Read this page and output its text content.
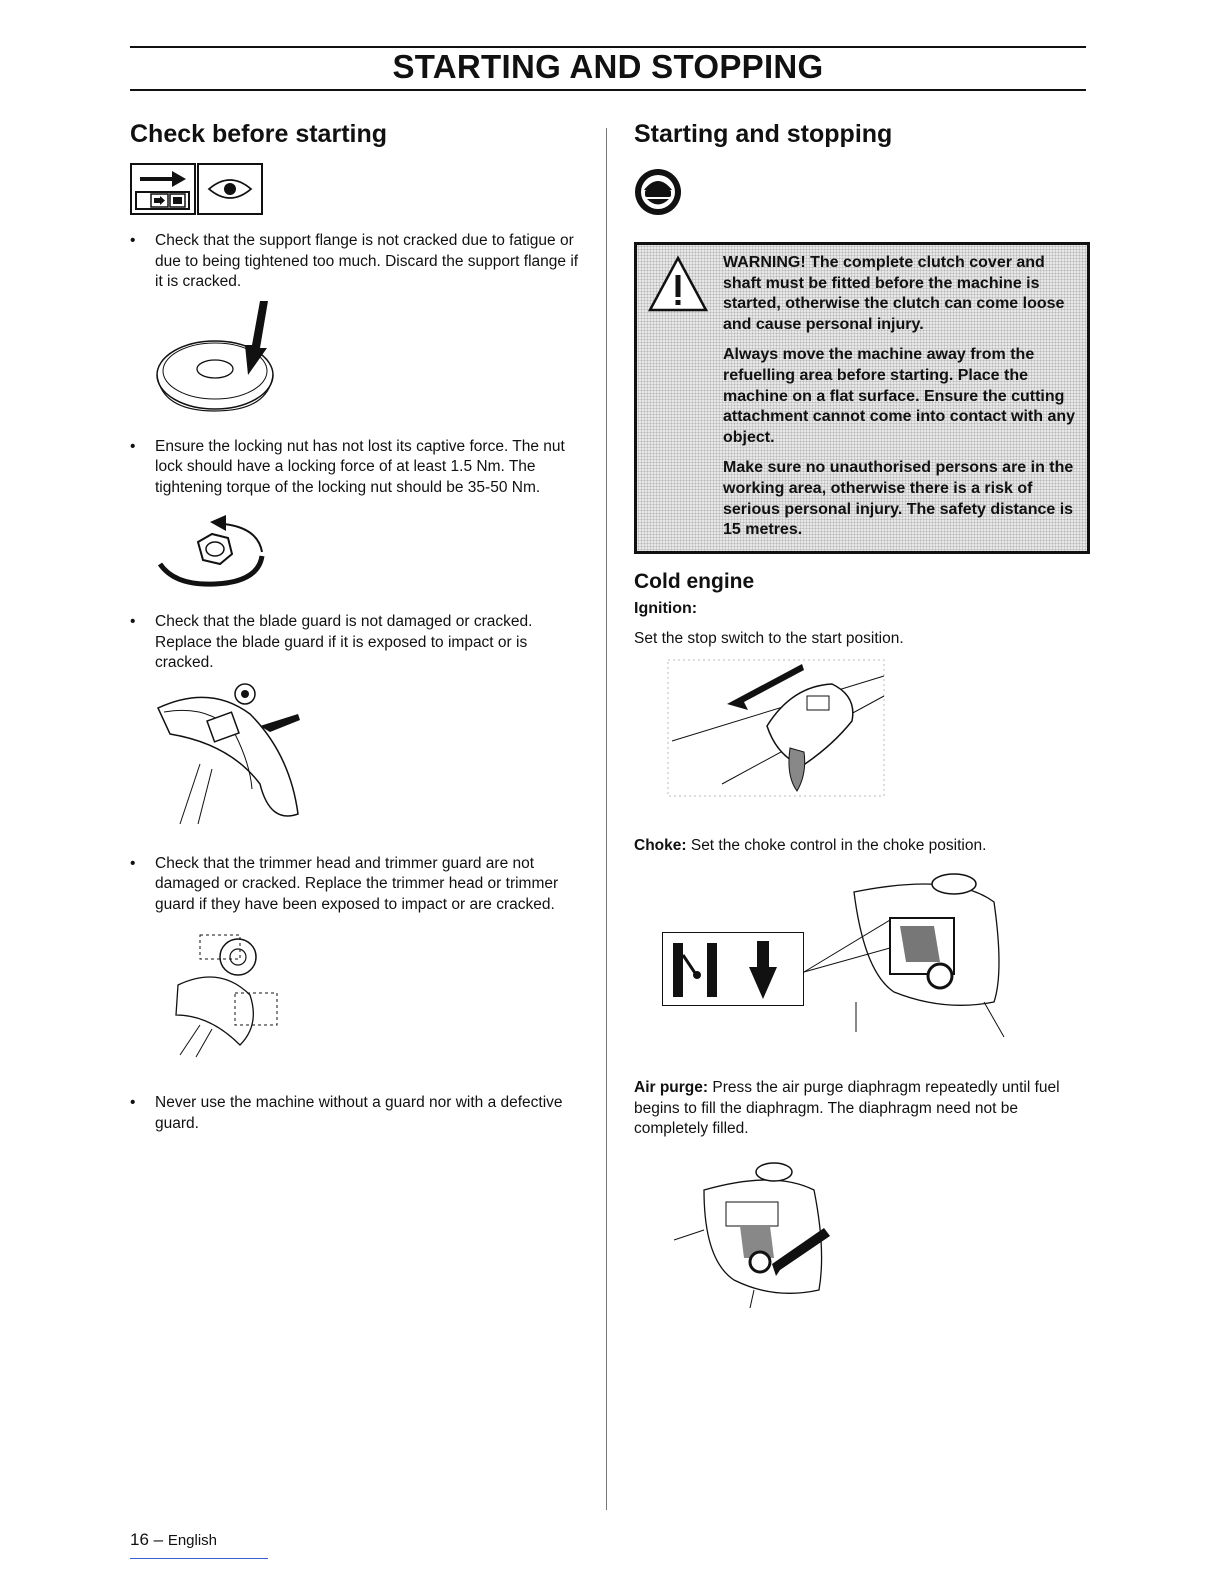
STARTING AND STOPPING
Check before starting
• Check that the support flange is not cracked due to fatigue or due to being tightened too much. Discard the support flange if it is cracked.
• Ensure the locking nut has not lost its captive force. The nut lock should have a locking force of at least 1.5 Nm. The tightening torque of the locking nut should be 35-50 Nm.
• Check that the blade guard is not damaged or cracked. Replace the blade guard if it is exposed to impact or is cracked.
• Check that the trimmer head and trimmer guard are not damaged or cracked. Replace the trimmer head or trimmer guard if they have been exposed to impact or are cracked.
• Never use the machine without a guard nor with a defective guard.
Starting and stopping

WARNING! The complete clutch cover and shaft must be fitted before the machine is started, otherwise the clutch can come loose and cause personal injury.

Always move the machine away from the refuelling area before starting. Place the machine on a flat surface. Ensure the cutting attachment cannot come into contact with any object.

Make sure no unauthorised persons are in the working area, otherwise there is a risk of serious personal injury. The safety distance is 15 metres.

Cold engine
Ignition:
Set the stop switch to the start position.
Choke: Set the choke control in the choke position.
Air purge: Press the air purge diaphragm repeatedly until fuel begins to fill the diaphragm. The diaphragm need not be completely filled.
16 – English
